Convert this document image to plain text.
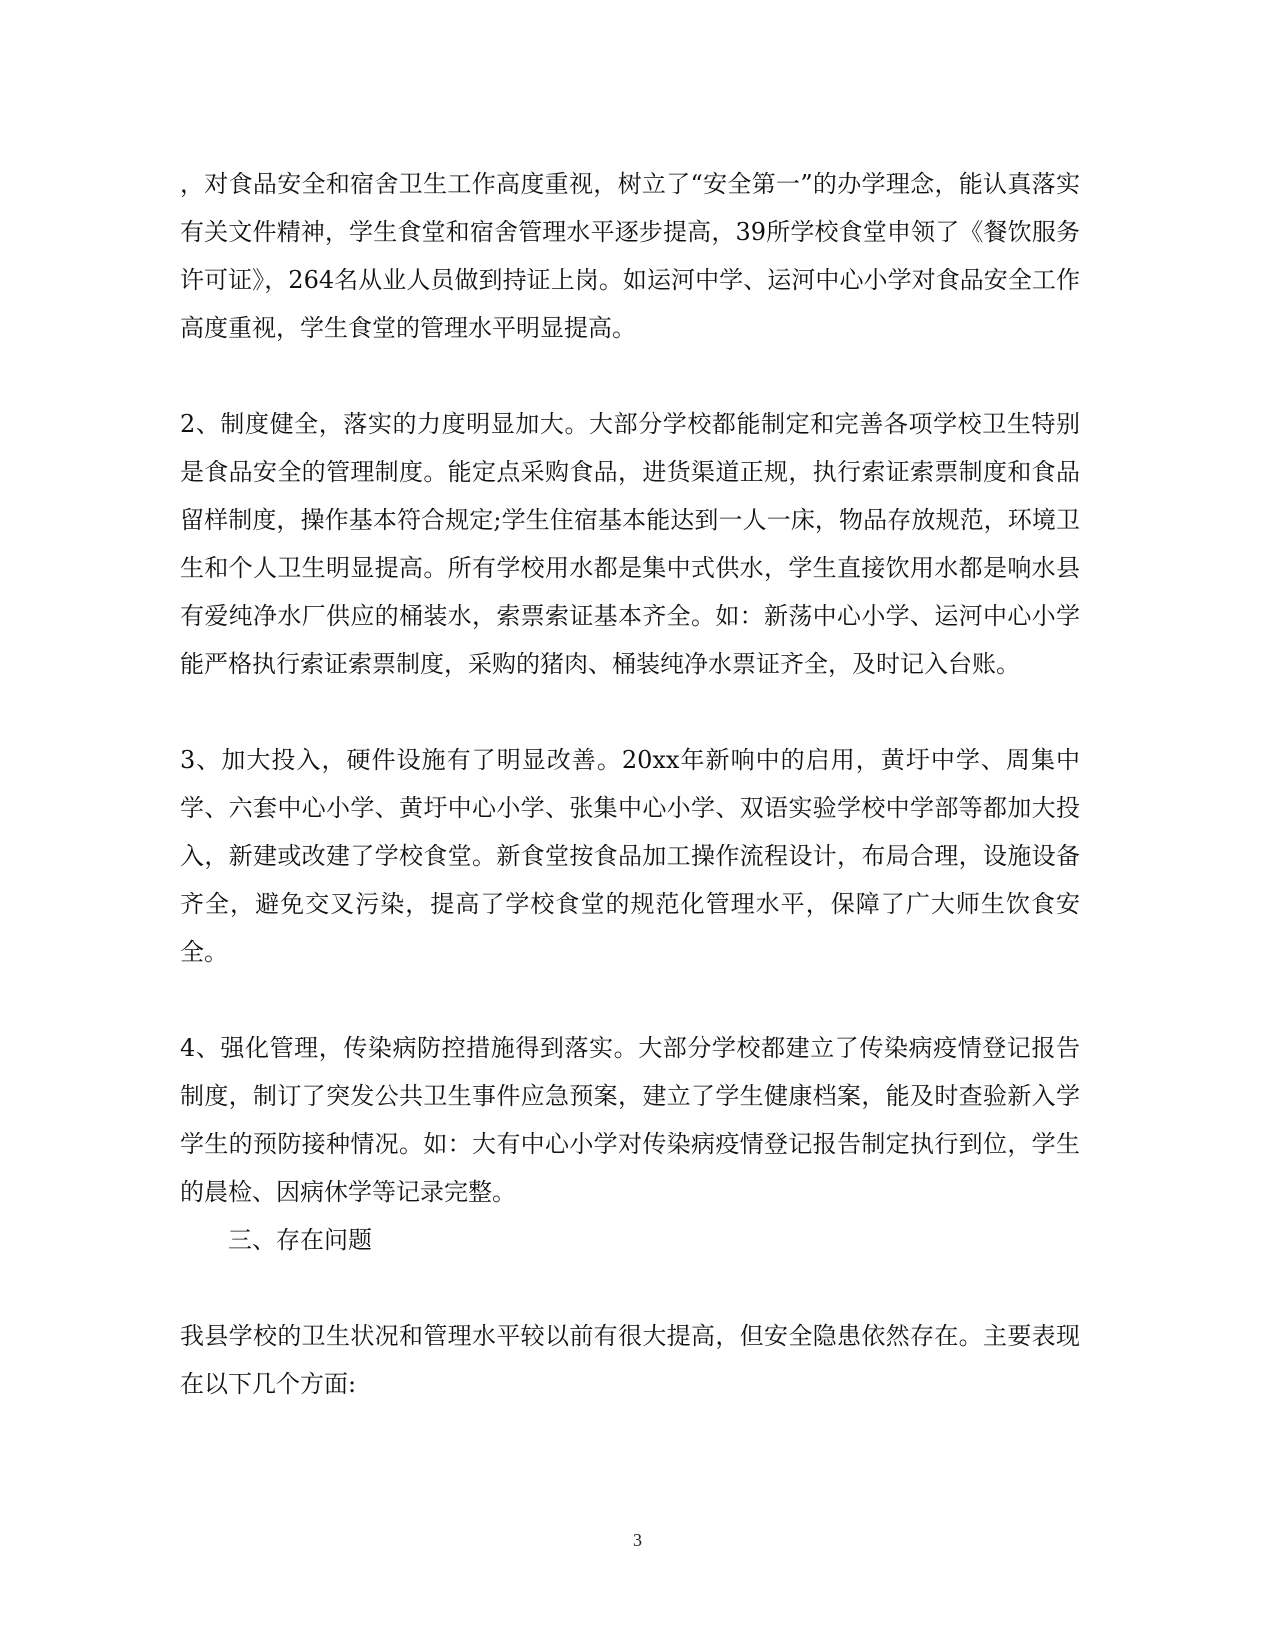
，对食品安全和宿舍卫生工作高度重视，树立了“安全第一”的办学理念，能认真落实有关文件精神，学生食堂和宿舍管理水平逐步提高，39所学校食堂申领了《餐饮服务许可证》，264名从业人员做到持证上岗。如运河中学、运河中心小学对食品安全工作高度重视，学生食堂的管理水平明显提高。

2、制度健全，落实的力度明显加大。大部分学校都能制定和完善各项学校卫生特别是食品安全的管理制度。能定点采购食品，进货渠道正规，执行索证索票制度和食品留样制度，操作基本符合规定;学生住宿基本能达到一人一床，物品存放规范，环境卫生和个人卫生明显提高。所有学校用水都是集中式供水，学生直接饮用水都是响水县有爱纯净水厂供应的桶装水，索票索证基本齐全。如：新荡中心小学、运河中心小学能严格执行索证索票制度，采购的猪肉、桶装纯净水票证齐全，及时记入台账。

3、加大投入，硬件设施有了明显改善。20xx年新响中的启用，黄圩中学、周集中学、六套中心小学、黄圩中心小学、张集中心小学、双语实验学校中学部等都加大投入，新建或改建了学校食堂。新食堂按食品加工操作流程设计，布局合理，设施设备齐全，避免交叉污染，提高了学校食堂的规范化管理水平，保障了广大师生饮食安全。

4、强化管理，传染病防控措施得到落实。大部分学校都建立了传染病疫情登记报告制度，制订了突发公共卫生事件应急预案，建立了学生健康档案，能及时查验新入学学生的预防接种情况。如：大有中心小学对传染病疫情登记报告制定执行到位，学生的晨检、因病休学等记录完整。

三、存在问题

我县学校的卫生状况和管理水平较以前有很大提高，但安全隐患依然存在。主要表现在以下几个方面:

3
